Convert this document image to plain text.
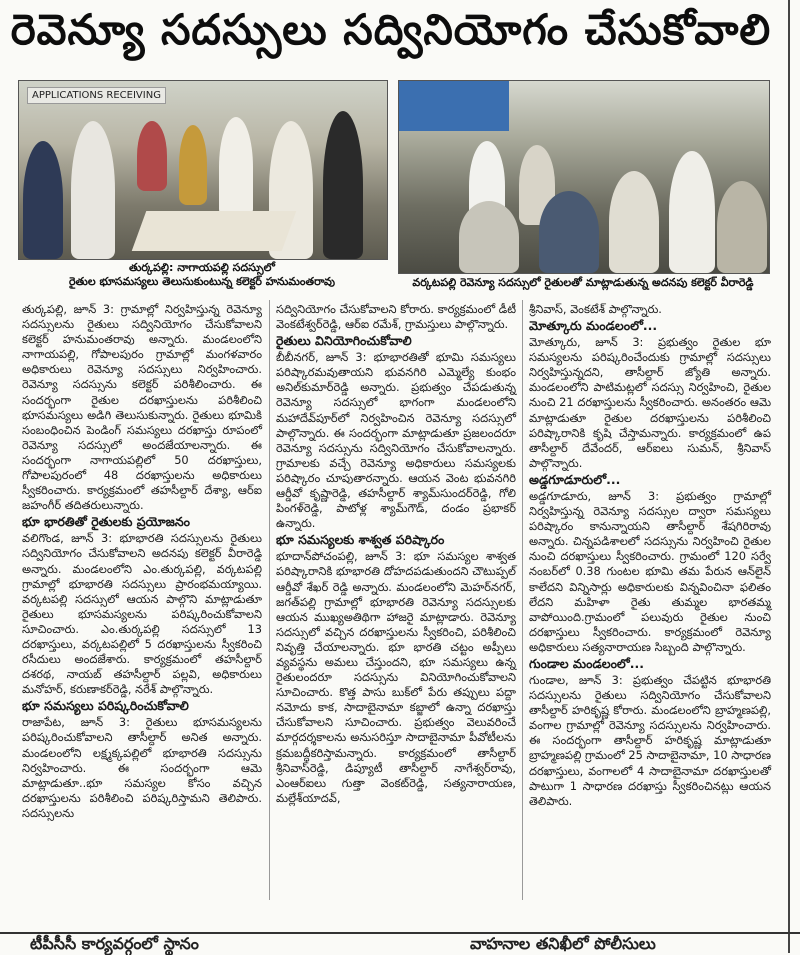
రెవెన్యూ సదస్సులు సద్వినియోగం చేసుకోవాలి
APPLICATIONS RECEIVING
తుర్కపల్లి: నాగాయపల్లి సదస్సులో
రైతుల భూసమస్యలు తెలుసుకుంటున్న కలెక్టర్ హనుమంతరావు	వర్కటపల్లి రెవెన్యూ సదస్సులో రైతులతో మాట్లాడుతున్న అదనపు కలెక్టర్ వీరారెడ్డి

తుర్కపల్లి, జూన్ 3: గ్రామాల్లో నిర్వహిస్తున్న రెవెన్యూ సదస్సులను రైతులు సద్వినియోగం చేసుకోవాలని కలెక్టర్ హనుమంతరావు అన్నారు. మండలంలోని నాగాయపల్లి, గోపాలపురం గ్రామాల్లో మంగళవారం అధికారులు రెవెన్యూ సదస్సులు నిర్వహించారు. రెవెన్యూ సదస్సును కలెక్టర్ పరిశీలించారు. ఈ సందర్భంగా రైతుల దరఖాస్తులను పరిశీలించి భూసమస్యలు అడిగి తెలుసుకున్నారు. రైతులు భూమికి సంబంధించిన పెండింగ్ సమస్యలు దరఖాస్తు రూపంలో రెవెన్యూ సదస్సులో అందజేయాలన్నారు. ఈ సందర్భంగా నాగాయపల్లిలో 50 దరఖాస్తులు, గోపాలపురంలో 48 దరఖాస్తులను అధికారులు స్వీకరించారు. కార్యక్రమంలో తహసీల్దార్ దేశ్యా, ఆర్ఐ జహంగీర్ తదితరులున్నారు.

భూ భారతితో రైతులకు ప్రయోజనం

వలిగొండ, జూన్ 3: భూభారతి సదస్సులను రైతులు సద్వినియోగం చేసుకోవాలని అదనపు కలెక్టర్ వీరారెడ్డి అన్నారు. మండలంలోని ఎం.తుర్కపల్లి, వర్కటపల్లి గ్రామాల్లో భూభారతి సదస్సులు ప్రారంభమయ్యాయి. వర్కటపల్లి సదస్సులో ఆయన పాల్గొని మాట్లాడుతూ రైతులు భూసమస్యలను పరిష్కరించుకోవాలని సూచించారు. ఎం.తుర్కపల్లి సదస్సులో 13 దరఖాస్తులు, వర్కటపల్లిలో 5 దరఖాస్తులను స్వీకరించి రసీదులు అందజేశారు. కార్యక్రమంలో తహసీల్దార్ దశరథ, నాయబ్ తహసీల్దార్ పల్లవి, అధికారులు మనోహర్, కరుణాకర్‌రెడ్డి, నరేశ్ పాల్గొన్నారు.

భూ సమస్యలు పరిష్కరించుకోవాలి

రాజాపేట, జూన్ 3: రైతులు భూసమస్యలను పరిష్కరించుకోవాలని తాసీల్దార్ అనిత అన్నారు. మండలంలోని లక్ష్మక్కపల్లిలో భూభారతి సదస్సును నిర్వహించారు. ఈ సందర్భంగా ఆమె మాట్లాడుతూ..భూ సమస్యల కోసం వచ్చిన దరఖాస్తులను పరిశీలించి పరిష్కరిస్తామని తెలిపారు. సదస్సులను

సద్వినియోగం చేసుకోవాలని కోరారు. కార్యక్రమంలో డీటీ వెంకటేశ్వర్‌రెడ్డి, ఆర్ఐ రమేశ్, గ్రామస్తులు పాల్గొన్నారు.

రైతులు వినియోగించుకోవాలి

బీబీనగర్, జూన్ 3: భూభారతితో భూమి సమస్యలు పరిష్కారమవుతాయని భువనగిరి ఎమ్మెల్యే కుంభం అనిల్‌కుమార్‌రెడ్డి అన్నారు. ప్రభుత్వం చేపడుతున్న రెవెన్యూ సదస్సులో భాగంగా మండలంలోని మహాదేవ్‌పూర్‌లో నిర్వహించిన రెవెన్యూ సదస్సులో పాల్గొన్నారు. ఈ సందర్భంగా మాట్లాడుతూ ప్రజలందరూ రెవెన్యూ సదస్సును సద్వినియోగం చేసుకోవాలన్నారు. గ్రామాలకు వచ్చే రెవెన్యూ అధికారులు సమస్యలకు పరిష్కారం చూపుతారన్నారు. ఆయన వెంట భువనగిరి ఆర్డీవో కృష్ణారెడ్డి, తహసీల్దార్ శ్యామ్‌సుందర్‌రెడ్డి, గోలి పింగళ్‌రెడ్డి, పాటోళ్ల శ్యామ్‌గౌడ్, దండం ప్రభాకర్ ఉన్నారు.

భూ సమస్యలకు శాశ్వత పరిష్కారం

భూదాన్‌పోచంపల్లి, జూన్ 3: భూ సమస్యల శాశ్వత పరిష్కారానికి భూభారతి దోహదపడుతుందని చౌటుప్పల్ ఆర్డీవో శేఖర్ రెడ్డి అన్నారు. మండలంలోని మెహర్‌నగర్, జగత్‌పల్లి గ్రామాల్లో భూభారతి రెవెన్యూ సదస్సులకు ఆయన ముఖ్యఅతిథిగా హాజరై మాట్లాడారు. రెవెన్యూ సదస్సులో వచ్చిన దరఖాస్తులను స్వీకరించి, పరిశీలించి నివృత్తి చేయాలన్నారు. భూ భారతి చట్టం అప్పీలు వ్యవస్థను అమలు చేస్తుందని, భూ సమస్యలు ఉన్న రైతులందరూ సదస్సును వినియోగించుకోవాలని సూచించారు. కొత్త పాసు బుక్‌లో పేరు తప్పులు పద్దా నమోదు కాక, సాదాబైనామా కబ్జాలో ఉన్నా దరఖాస్తు చేసుకోవాలని సూచించారు. ప్రభుత్వం వెలువరించే మార్గదర్శకాలను అనుసరిస్తూ సాదాబైనామా పీవోటీలను క్రమబద్ధీకరిస్తామన్నారు. కార్యక్రమంలో తాసీల్దార్ శ్రీనివాస్‌రెడ్డి, డిప్యూటీ తాసీల్దార్ నాగేశ్వర్‌రావు, ఎంఆర్ఐలు గుత్తా వెంకట్‌రెడ్డి, సత్యనారాయణ, మల్లేశ్‌యాదవ్,

శ్రీనివాస్, వెంకటేశ్ పాల్గొన్నారు.

మోత్కూరు మండలంలో...

మోత్కూరు, జూన్ 3: ప్రభుత్వం రైతుల భూ సమస్యలను పరిష్కరించేందుకు గ్రామాల్లో సదస్సులు నిర్వహిస్తున్నదని, తాసీల్దార్ జ్యోతి అన్నారు. మండలంలోని పాటిమట్లలో సదస్సు నిర్వహించి, రైతుల నుంచి 21 దరఖాస్తులను స్వీకరించారు. అనంతరం ఆమె మాట్లాడుతూ రైతుల దరఖాస్తులను పరిశీలించి పరిష్కారానికి కృషి చేస్తామన్నారు. కార్యక్రమంలో ఉప తాసీల్దార్ దేవేందర్, ఆర్ఐలు సుమన్, శ్రీనివాస్ పాల్గొన్నారు.

అడ్డగూడూరులో...

అడ్డగూడూరు, జూన్ 3: ప్రభుత్వం గ్రామాల్లో నిర్వహిస్తున్న రెవెన్యూ సదస్సుల ద్వారా సమస్యలు పరిష్కారం కానున్నాయని తాసీల్దార్ శేషగిరిరావు అన్నారు. చిన్నపడిశాలలో సదస్సును నిర్వహించి రైతుల నుంచి దరఖాస్తులు స్వీకరించారు. గ్రామంలో 120 సర్వే నంబర్‌లో 0.38 గుంటల భూమి తమ పేరున ఆన్‌లైన్ కాలేదని విన్నిసార్లు అధికారులకు విన్నవించినా ఫలితం లేదని మహిళా రైతు తుమ్మల భారతమ్మ వాపోయింది.గ్రామంలో పలువురు రైతుల నుంచి దరఖాస్తులు స్వీకరించారు. కార్యక్రమంలో రెవెన్యూ అధికారులు సత్యనారాయణ సిబ్బంది పాల్గొన్నారు.

గుండాల మండలంలో...

గుండాల, జూన్ 3: ప్రభుత్వం చేపట్టిన భూభారతి సదస్సులను రైతులు సద్వినియోగం చేసుకోవాలని తాసీల్దార్ హరికృష్ణ కోరారు. మండలంలోని బ్రాహ్మణపల్లి, వంగాల గ్రామాల్లో రెవెన్యూ సదస్సులను నిర్వహించారు. ఈ సందర్భంగా తాసీల్దార్ హరికృష్ణ మాట్లాడుతూ బ్రాహ్మణపల్లి గ్రామంలో 25 సాదాబైనామా, 10 సాధారణ దరఖాస్తులు, వంగాలలో 4 సాదాబైనామా దరఖాస్తులతో పాటుగా 1 సాధారణ దరఖాస్తు స్వీకరించినట్లు ఆయన తెలిపారు.

టీపీసీసీ కార్యవర్గంలో స్థానం	వాహనాల తనిఖీలో పోలీసులు
